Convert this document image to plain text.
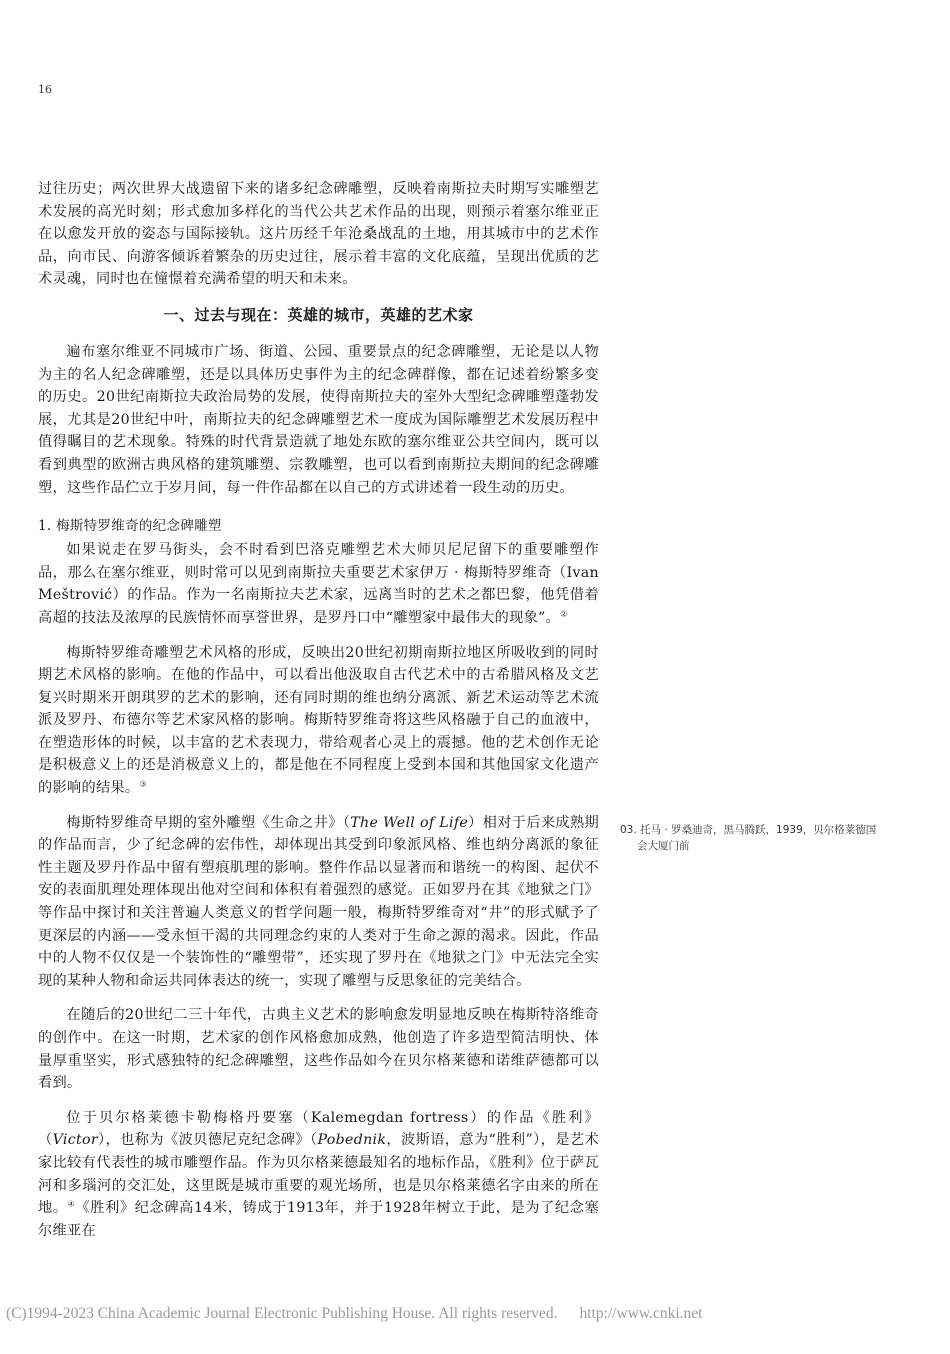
16

过往历史；两次世界大战遗留下来的诸多纪念碑雕塑，反映着南斯拉夫时期写实雕塑艺术发展的高光时刻；形式愈加多样化的当代公共艺术作品的出现，则预示着塞尔维亚正在以愈发开放的姿态与国际接轨。这片历经千年沧桑战乱的土地，用其城市中的艺术作品，向市民、向游客倾诉着繁杂的历史过往，展示着丰富的文化底蕴，呈现出优质的艺术灵魂，同时也在憧憬着充满希望的明天和未来。

一、过去与现在：英雄的城市，英雄的艺术家

遍布塞尔维亚不同城市广场、街道、公园、重要景点的纪念碑雕塑，无论是以人物为主的名人纪念碑雕塑，还是以具体历史事件为主的纪念碑群像，都在记述着纷繁多变的历史。20世纪南斯拉夫政治局势的发展，使得南斯拉夫的室外大型纪念碑雕塑蓬勃发展，尤其是20世纪中叶，南斯拉夫的纪念碑雕塑艺术一度成为国际雕塑艺术发展历程中值得瞩目的艺术现象。特殊的时代背景造就了地处东欧的塞尔维亚公共空间内，既可以看到典型的欧洲古典风格的建筑雕塑、宗教雕塑，也可以看到南斯拉夫期间的纪念碑雕塑，这些作品伫立于岁月间，每一件作品都在以自己的方式讲述着一段生动的历史。

1. 梅斯特罗维奇的纪念碑雕塑

如果说走在罗马街头，会不时看到巴洛克雕塑艺术大师贝尼尼留下的重要雕塑作品，那么在塞尔维亚，则时常可以见到南斯拉夫重要艺术家伊万 · 梅斯特罗维奇（Ivan Meštrović）的作品。作为一名南斯拉夫艺术家，远离当时的艺术之都巴黎，他凭借着高超的技法及浓厚的民族情怀而享誉世界，是罗丹口中“雕塑家中最伟大的现象”。②

梅斯特罗维奇雕塑艺术风格的形成，反映出20世纪初期南斯拉地区所吸收到的同时期艺术风格的影响。在他的作品中，可以看出他汲取自古代艺术中的古希腊风格及文艺复兴时期米开朗琪罗的艺术的影响，还有同时期的维也纳分离派、新艺术运动等艺术流派及罗丹、布德尔等艺术家风格的影响。梅斯特罗维奇将这些风格融于自己的血液中，在塑造形体的时候，以丰富的艺术表现力，带给观者心灵上的震撼。他的艺术创作无论是积极意义上的还是消极意义上的，都是他在不同程度上受到本国和其他国家文化遗产的影响的结果。③

梅斯特罗维奇早期的室外雕塑《生命之井》（The Well of Life）相对于后来成熟期的作品而言，少了纪念碑的宏伟性，却体现出其受到印象派风格、维也纳分离派的象征性主题及罗丹作品中留有塑痕肌理的影响。整件作品以显著而和谐统一的构图、起伏不安的表面肌理处理体现出他对空间和体积有着强烈的感觉。正如罗丹在其《地狱之门》等作品中探讨和关注普遍人类意义的哲学问题一般，梅斯特罗维奇对“井”的形式赋予了更深层的内涵——受永恒干渴的共同理念约束的人类对于生命之源的渴求。因此，作品中的人物不仅仅是一个装饰性的“雕塑带”，还实现了罗丹在《地狱之门》中无法完全实现的某种人物和命运共同体表达的统一，实现了雕塑与反思象征的完美结合。

在随后的20世纪二三十年代，古典主义艺术的影响愈发明显地反映在梅斯特洛维奇的创作中。在这一时期，艺术家的创作风格愈加成熟，他创造了许多造型简洁明快、体量厚重坚实，形式感独特的纪念碑雕塑，这些作品如今在贝尔格莱德和诺维萨德都可以看到。

位于贝尔格莱德卡勒梅格丹要塞（Kalemegdan fortress）的作品《胜利》（Victor），也称为《波贝德尼克纪念碑》（Pobednik，波斯语，意为“胜利”），是艺术家比较有代表性的城市雕塑作品。作为贝尔格莱德最知名的地标作品，《胜利》位于萨瓦河和多瑙河的交汇处，这里既是城市重要的观光场所，也是贝尔格莱德名字由来的所在地。④《胜利》纪念碑高14米，铸成于1913年，并于1928年树立于此，是为了纪念塞尔维亚在

03. 托马 · 罗桑迪奇，黑马腾跃，1939，贝尔格莱德国
会大厦门前
(C)1994-2023 China Academic Journal Electronic Publishing House. All rights reserved. http://www.cnki.net
